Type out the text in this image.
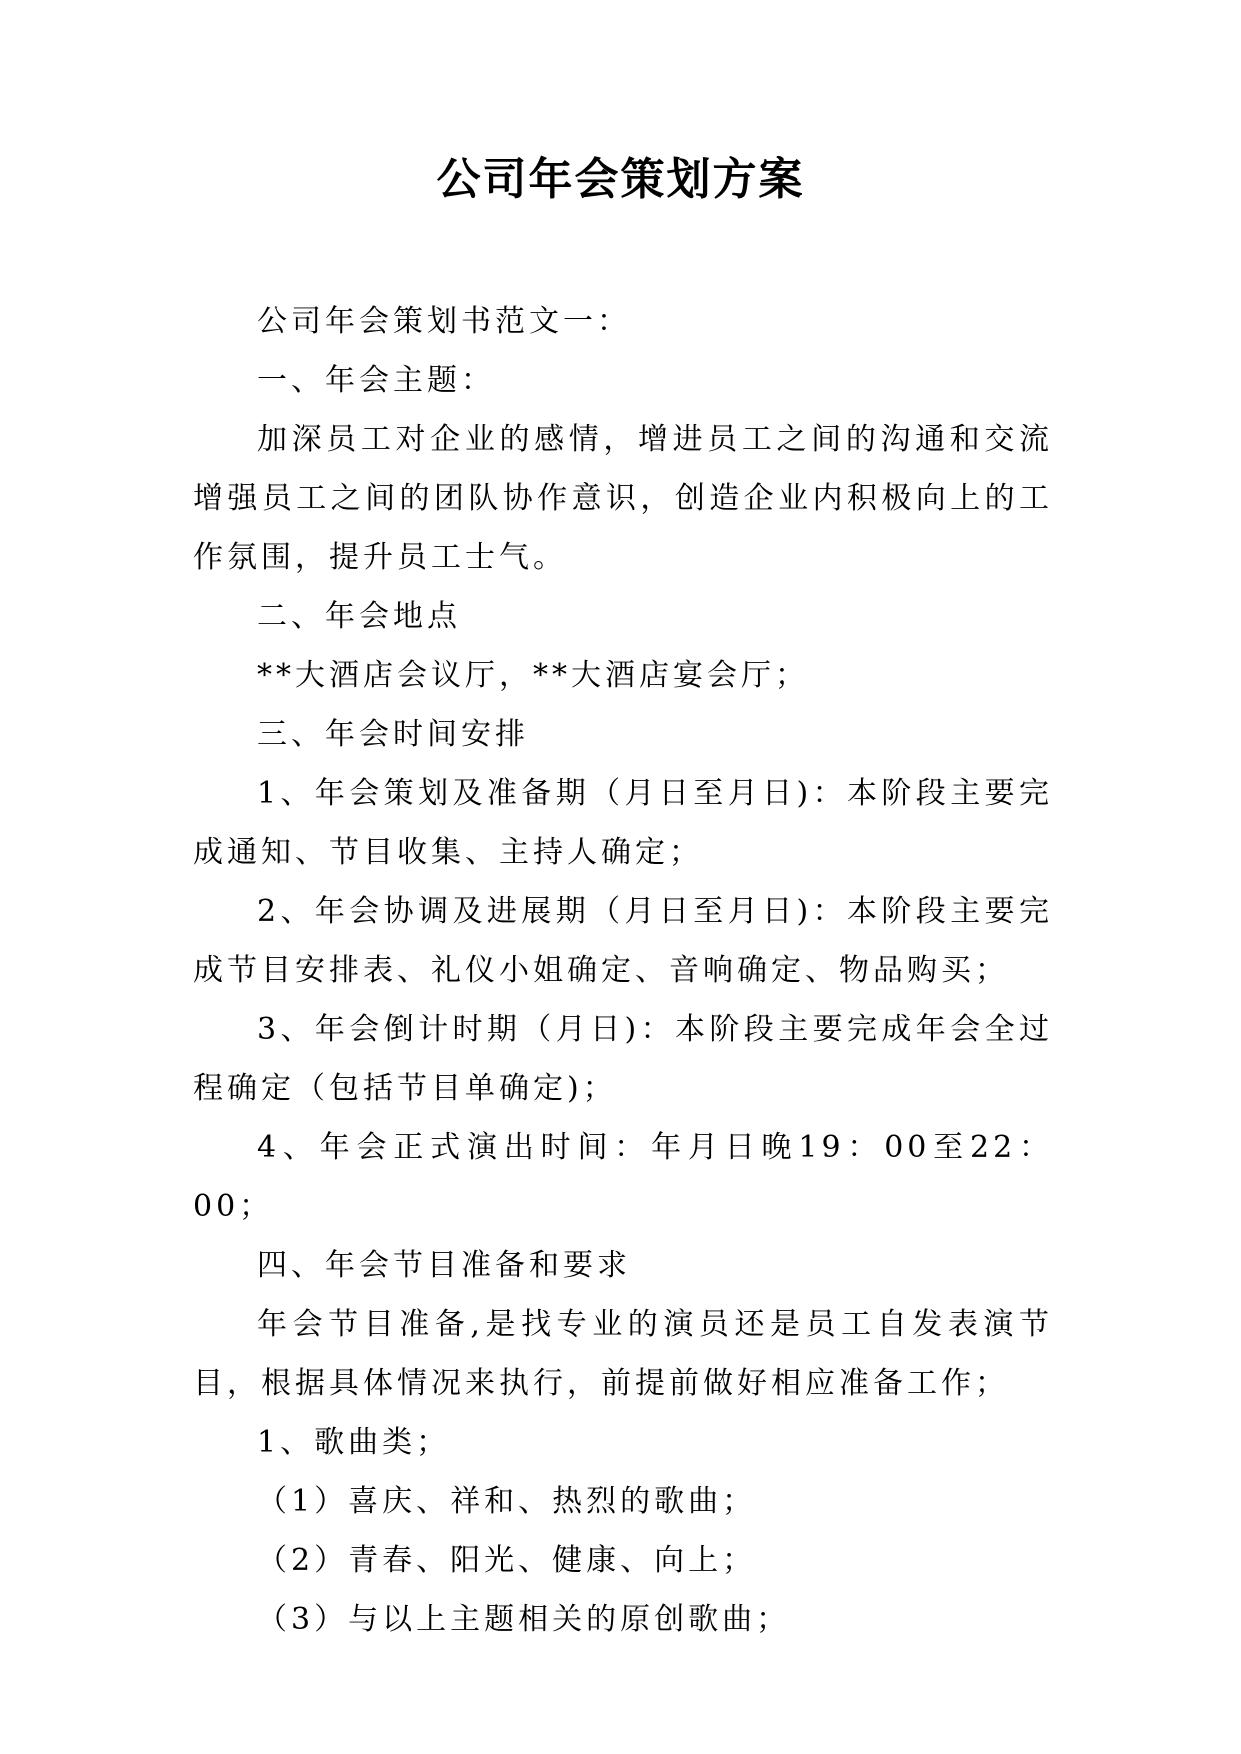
公司年会策划方案

公司年会策划书范文一：

一、年会主题：

加深员工对企业的感情，增进员工之间的沟通和交流增强员工之间的团队协作意识，创造企业内积极向上的工作氛围，提升员工士气。

二、年会地点

**大酒店会议厅，**大酒店宴会厅；

三、年会时间安排

1、年会策划及准备期（月日至月日)：本阶段主要完成通知、节目收集、主持人确定；

2、年会协调及进展期（月日至月日)：本阶段主要完成节目安排表、礼仪小姐确定、音响确定、物品购买；

3、年会倒计时期（月日)：本阶段主要完成年会全过程确定（包括节目单确定)；

4、年会正式演出时间：年月日晚19：00至22：00；

四、年会节目准备和要求

年会节目准备,是找专业的演员还是员工自发表演节目，根据具体情况来执行，前提前做好相应准备工作；

1、歌曲类；

（1）喜庆、祥和、热烈的歌曲；

（2）青春、阳光、健康、向上；

（3）与以上主题相关的原创歌曲；
